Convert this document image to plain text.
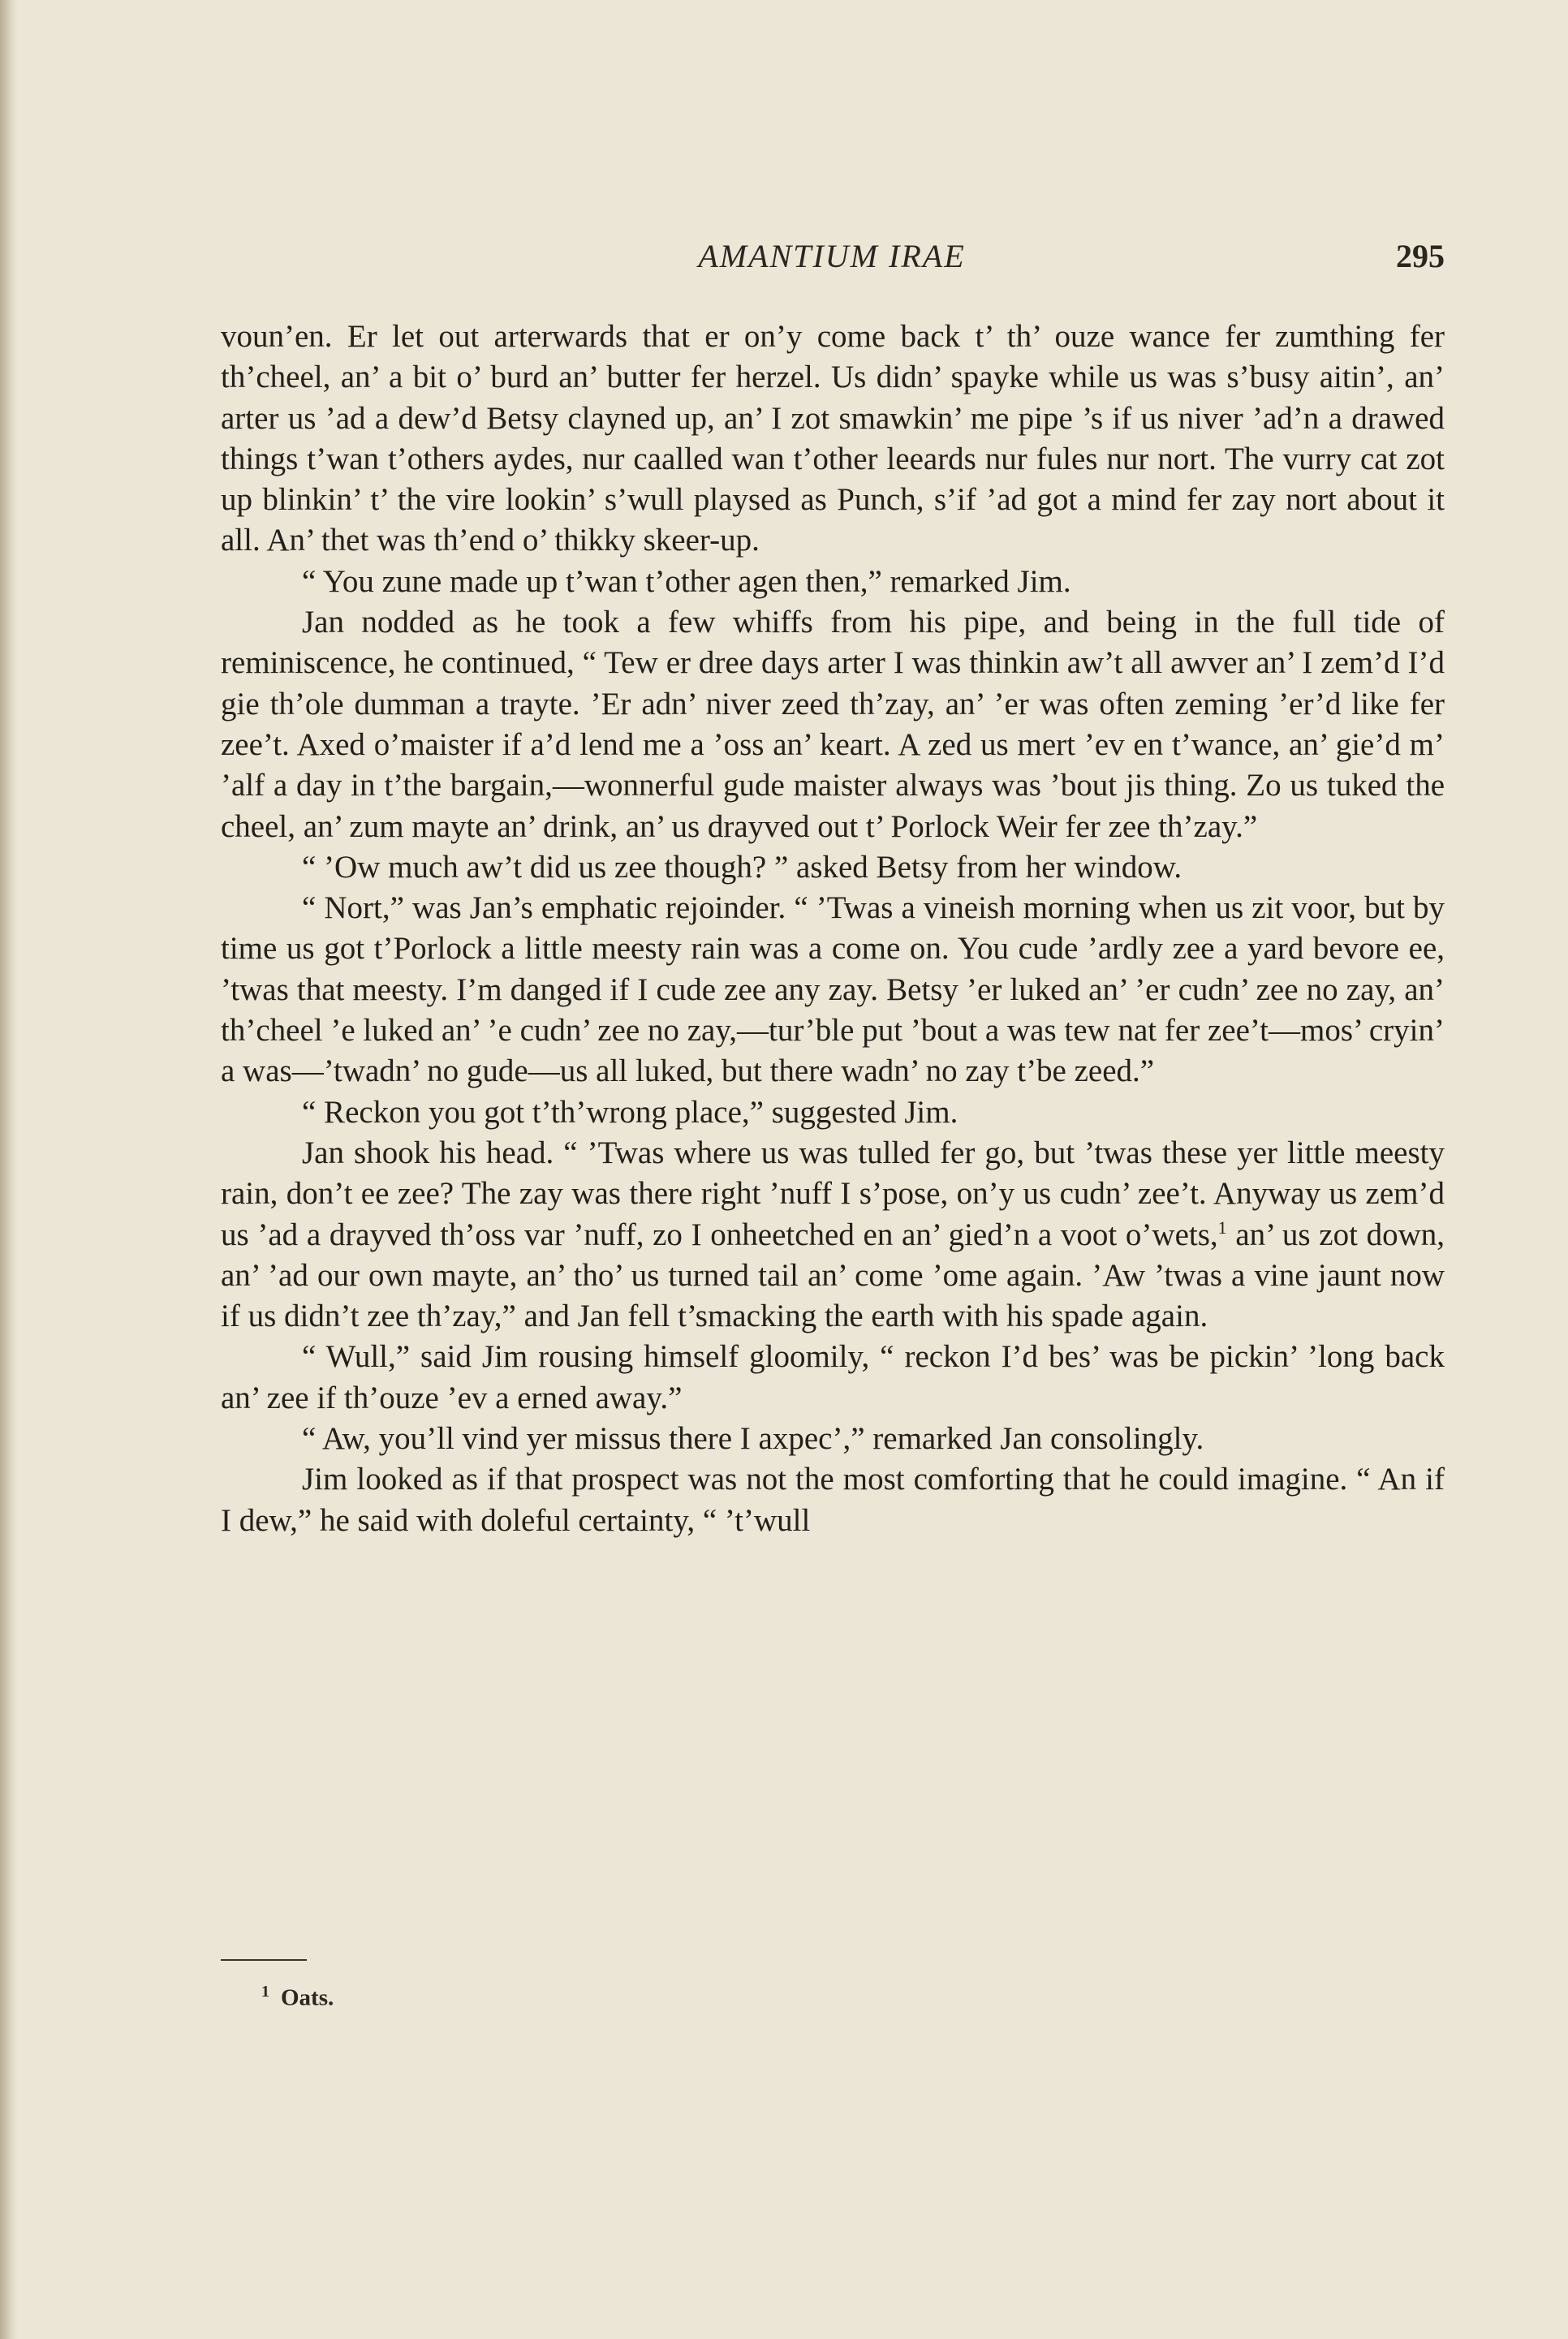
AMANTIUM IRAE	295

voun’en. Er let out arterwards that er on’y come back t’ th’ ouze wance fer zumthing fer th’cheel, an’ a bit o’ burd an’ butter fer herzel. Us didn’ spayke while us was s’busy aitin’, an’ arter us ’ad a dew’d Betsy clayned up, an’ I zot smawkin’ me pipe ’s if us niver ’ad’n a drawed things t’wan t’others aydes, nur caalled wan t’other leeards nur fules nur nort. The vurry cat zot up blinkin’ t’ the vire lookin’ s’wull playsed as Punch, s’if ’ad got a mind fer zay nort about it all. An’ thet was th’end o’ thikky skeer-up.

“ You zune made up t’wan t’other agen then,” remarked Jim.

Jan nodded as he took a few whiffs from his pipe, and being in the full tide of reminiscence, he continued, “ Tew er dree days arter I was thinkin aw’t all awver an’ I zem’d I’d gie th’ole dumman a trayte. ’Er adn’ niver zeed th’zay, an’ ’er was often zeming ’er’d like fer zee’t. Axed o’maister if a’d lend me a ’oss an’ keart. A zed us mert ’ev en t’wance, an’ gie’d m’ ’alf a day in t’the bargain,—wonnerful gude maister always was ’bout jis thing. Zo us tuked the cheel, an’ zum mayte an’ drink, an’ us drayved out t’ Porlock Weir fer zee th’zay.”

“ ’Ow much aw’t did us zee though? ” asked Betsy from her window.

“ Nort,” was Jan’s emphatic rejoinder. “ ’Twas a vineish morning when us zit voor, but by time us got t’Porlock a little meesty rain was a come on. You cude ’ardly zee a yard bevore ee, ’twas that meesty. I’m danged if I cude zee any zay. Betsy ’er luked an’ ’er cudn’ zee no zay, an’ th’cheel ’e luked an’ ’e cudn’ zee no zay,—tur’ble put ’bout a was tew nat fer zee’t—mos’ cryin’ a was—’twadn’ no gude—us all luked, but there wadn’ no zay t’be zeed.”

“ Reckon you got t’th’wrong place,” suggested Jim.

Jan shook his head. “ ’Twas where us was tulled fer go, but ’twas these yer little meesty rain, don’t ee zee? The zay was there right ’nuff I s’pose, on’y us cudn’ zee’t. Anyway us zem’d us ’ad a drayved th’oss var ’nuff, zo I onheetched en an’ gied’n a voot o’wets,$^1$ an’ us zot down, an’ ’ad our own mayte, an’ tho’ us turned tail an’ come ’ome again. ’Aw ’twas a vine jaunt now if us didn’t zee th’zay,” and Jan fell t’smacking the earth with his spade again.

“ Wull,” said Jim rousing himself gloomily, “ reckon I’d bes’ was be pickin’ ’long back an’ zee if th’ouze ’ev a erned away.”

“ Aw, you’ll vind yer missus there I axpec’,” remarked Jan consolingly.

Jim looked as if that prospect was not the most comforting that he could imagine. “ An if I dew,” he said with doleful certainty, “ ’t’wull

$^1$ Oats.
